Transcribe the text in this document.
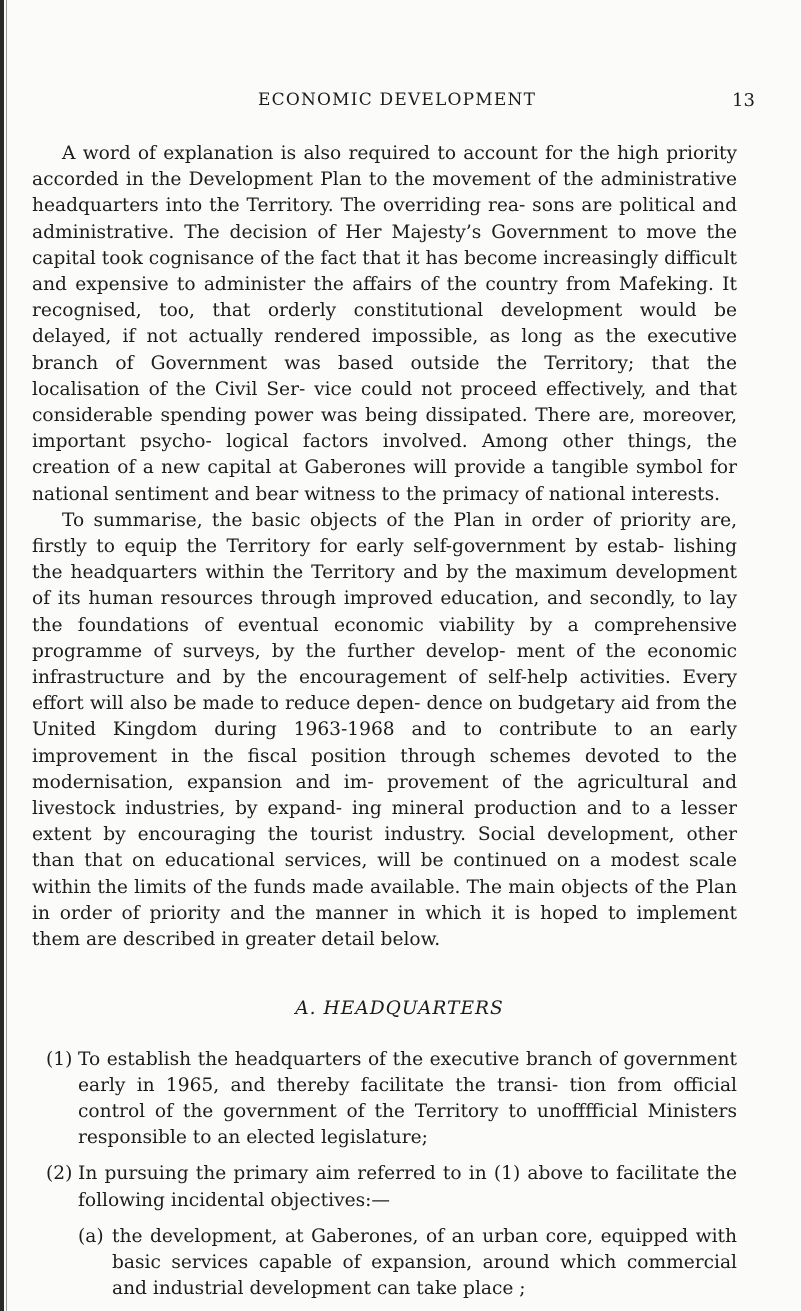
ECONOMIC DEVELOPMENT	13

A word of explanation is also required to account for the high priority accorded in the Development Plan to the movement of the administrative headquarters into the Territory. The overriding rea- sons are political and administrative. The decision of Her Majesty’s Government to move the capital took cognisance of the fact that it has become increasingly difficult and expensive to administer the affairs of the country from Mafeking. It recognised, too, that orderly constitutional development would be delayed, if not actually rendered impossible, as long as the executive branch of Government was based outside the Territory; that the localisation of the Civil Ser- vice could not proceed effectively, and that considerable spending power was being dissipated. There are, moreover, important psycho- logical factors involved. Among other things, the creation of a new capital at Gaberones will provide a tangible symbol for national sentiment and bear witness to the primacy of national interests.

To summarise, the basic objects of the Plan in order of priority are, firstly to equip the Territory for early self-government by estab- lishing the headquarters within the Territory and by the maximum development of its human resources through improved education, and secondly, to lay the foundations of eventual economic viability by a comprehensive programme of surveys, by the further develop- ment of the economic infrastructure and by the encouragement of self-help activities. Every effort will also be made to reduce depen- dence on budgetary aid from the United Kingdom during 1963-1968 and to contribute to an early improvement in the fiscal position through schemes devoted to the modernisation, expansion and im- provement of the agricultural and livestock industries, by expand- ing mineral production and to a lesser extent by encouraging the tourist industry. Social development, other than that on educational services, will be continued on a modest scale within the limits of the funds made available. The main objects of the Plan in order of priority and the manner in which it is hoped to implement them are described in greater detail below.

A. HEADQUARTERS
(1) To establish the headquarters of the executive branch of government early in 1965, and thereby facilitate the transi- tion from official control of the government of the Territory to unofffficial Ministers responsible to an elected legislature;
(2) In pursuing the primary aim referred to in (1) above to facilitate the following incidental objectives:—
(a) the development, at Gaberones, of an urban core, equipped with basic services capable of expansion, around which commercial and industrial development can take place ;
